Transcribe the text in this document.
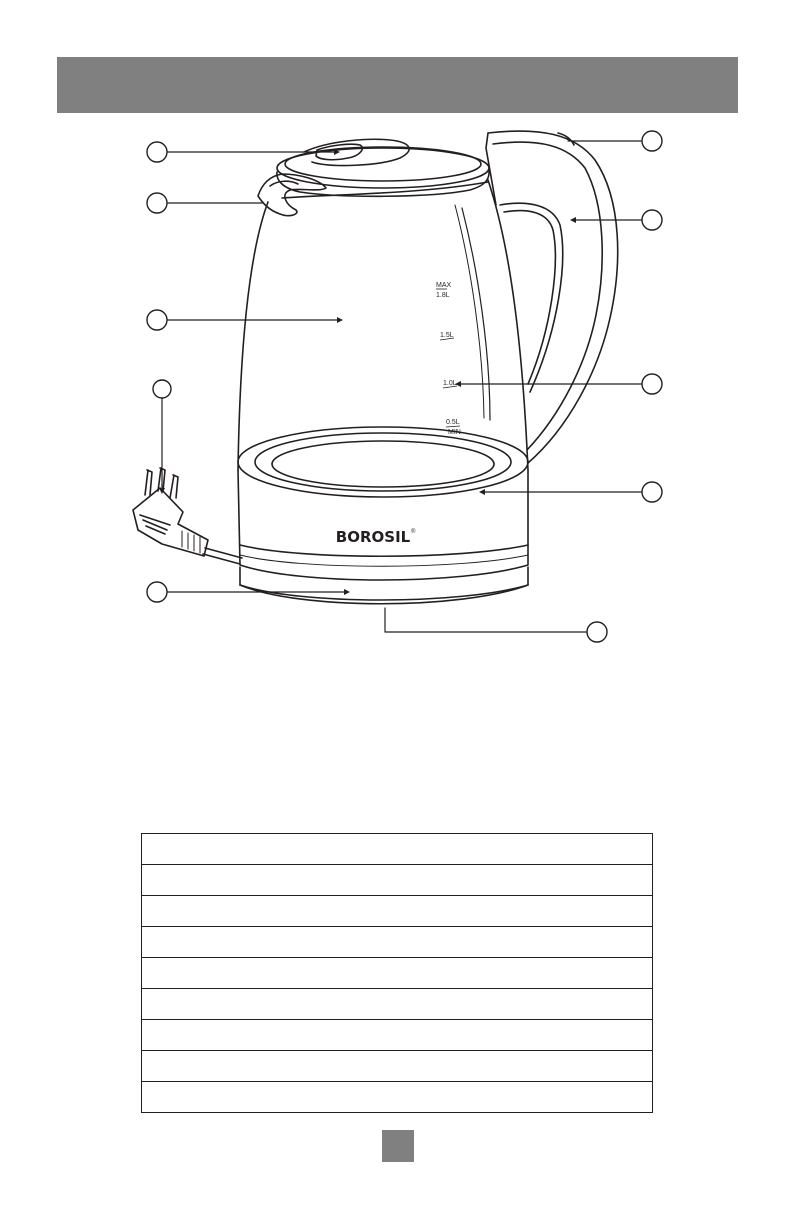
MAX
1.8L
1.5L
1.0L
0.5L
MIN
BOROSIL ®
